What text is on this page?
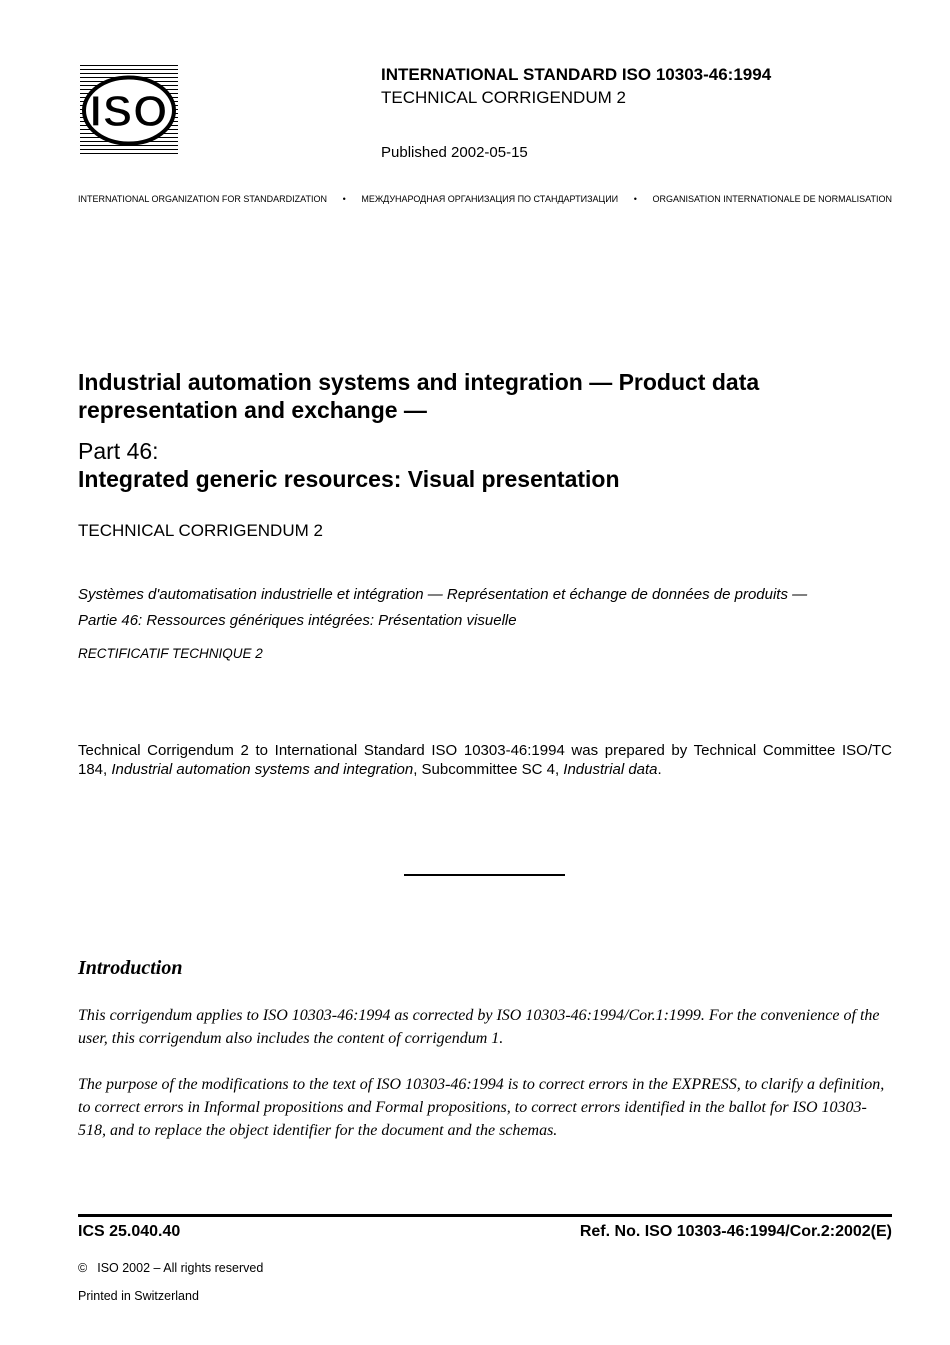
ISO
INTERNATIONAL STANDARD ISO 10303-46:1994
TECHNICAL CORRIGENDUM 2
Published 2002-05-15
INTERNATIONAL ORGANIZATION FOR STANDARDIZATION • МЕЖДУНАРОДНАЯ ОРГАНИЗАЦИЯ ПО СТАНДАРТИЗАЦИИ • ORGANISATION INTERNATIONALE DE NORMALISATION
Industrial automation systems and integration — Product data representation and exchange —
Part 46:
Integrated generic resources: Visual presentation
TECHNICAL CORRIGENDUM 2
Systèmes d'automatisation industrielle et intégration — Représentation et échange de données de produits —
Partie 46: Ressources génériques intégrées: Présentation visuelle
RECTIFICATIF TECHNIQUE 2
Technical Corrigendum 2 to International Standard ISO 10303-46:1994 was prepared by Technical Committee ISO/TC 184, Industrial automation systems and integration, Subcommittee SC 4, Industrial data.
Introduction
This corrigendum applies to ISO 10303-46:1994 as corrected by ISO 10303-46:1994/Cor.1:1999. For the convenience of the user, this corrigendum also includes the content of corrigendum 1.
The purpose of the modifications to the text of ISO 10303-46:1994 is to correct errors in the EXPRESS, to clarify a definition, to correct errors in Informal propositions and Formal propositions, to correct errors identified in the ballot for ISO 10303-518, and to replace the object identifier for the document and the schemas.
ICS 25.040.40	Ref. No. ISO 10303-46:1994/Cor.2:2002(E)
© ISO 2002 – All rights reserved
Printed in Switzerland
